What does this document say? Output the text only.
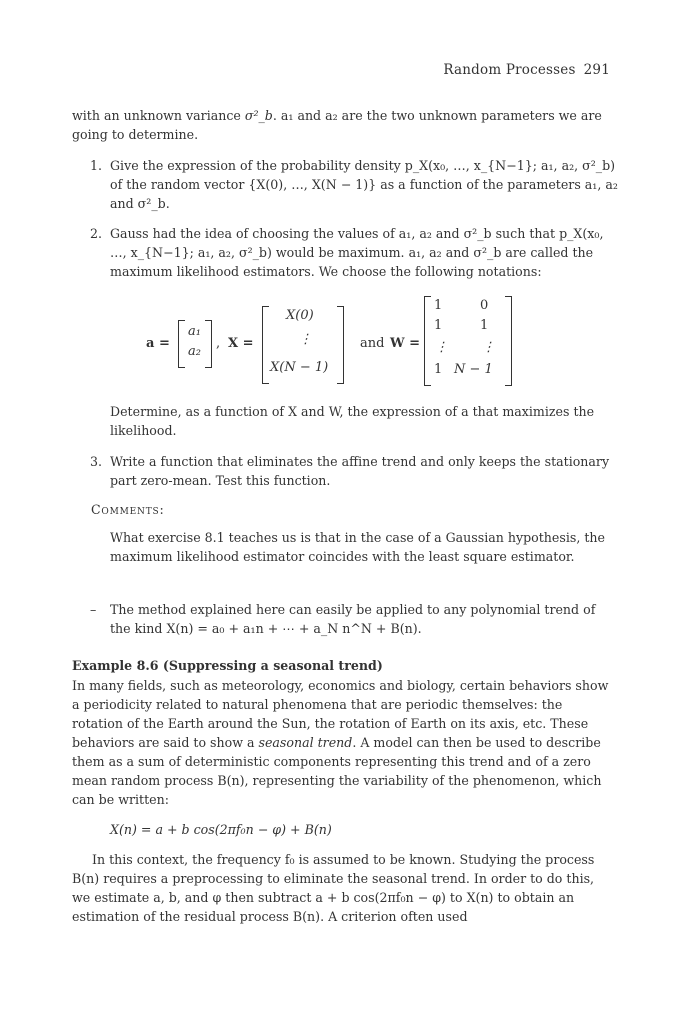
Random Processes 291
with an unknown variance σ²_b. a₁ and a₂ are the two unknown parameters we are going to determine.
1. Give the expression of the probability density p_X(x₀, …, x_{N−1}; a₁, a₂, σ²_b) of the random vector {X(0), …, X(N − 1)} as a function of the parameters a₁, a₂ and σ²_b.

2. Gauss had the idea of choosing the values of a₁, a₂ and σ²_b such that p_X(x₀, …, x_{N−1}; a₁, a₂, σ²_b) would be maximum. a₁, a₂ and σ²_b are called the maximum likelihood estimators. We choose the following notations:

a =
a₁
a₂
, X =
X(0)
⋮
X(N − 1)
and W =
1	0
1	1
⋮	⋮
1 N − 1

Determine, as a function of X and W, the expression of a that maximizes the likelihood.

3. Write a function that eliminates the affine trend and only keeps the stationary part zero-mean. Test this function.

Comments:

What exercise 8.1 teaches us is that in the case of a Gaussian hypothesis, the maximum likelihood estimator coincides with the least square estimator.

– The method explained here can easily be applied to any polynomial trend of the kind X(n) = a₀ + a₁n + ⋯ + a_N n^N + B(n).

Example 8.6 (Suppressing a seasonal trend)

In many fields, such as meteorology, economics and biology, certain behaviors show a periodicity related to natural phenomena that are periodic themselves: the rotation of the Earth around the Sun, the rotation of Earth on its axis, etc. These behaviors are said to show a seasonal trend. A model can then be used to describe them as a sum of deterministic components representing this trend and of a zero mean random process B(n), representing the variability of the phenomenon, which can be written:

X(n) = a + b cos(2πf₀n − φ) + B(n)

In this context, the frequency f₀ is assumed to be known. Studying the process B(n) requires a preprocessing to eliminate the seasonal trend. In order to do this, we estimate a, b, and φ then subtract a + b cos(2πf₀n − φ) to X(n) to obtain an estimation of the residual process B(n). A criterion often used
